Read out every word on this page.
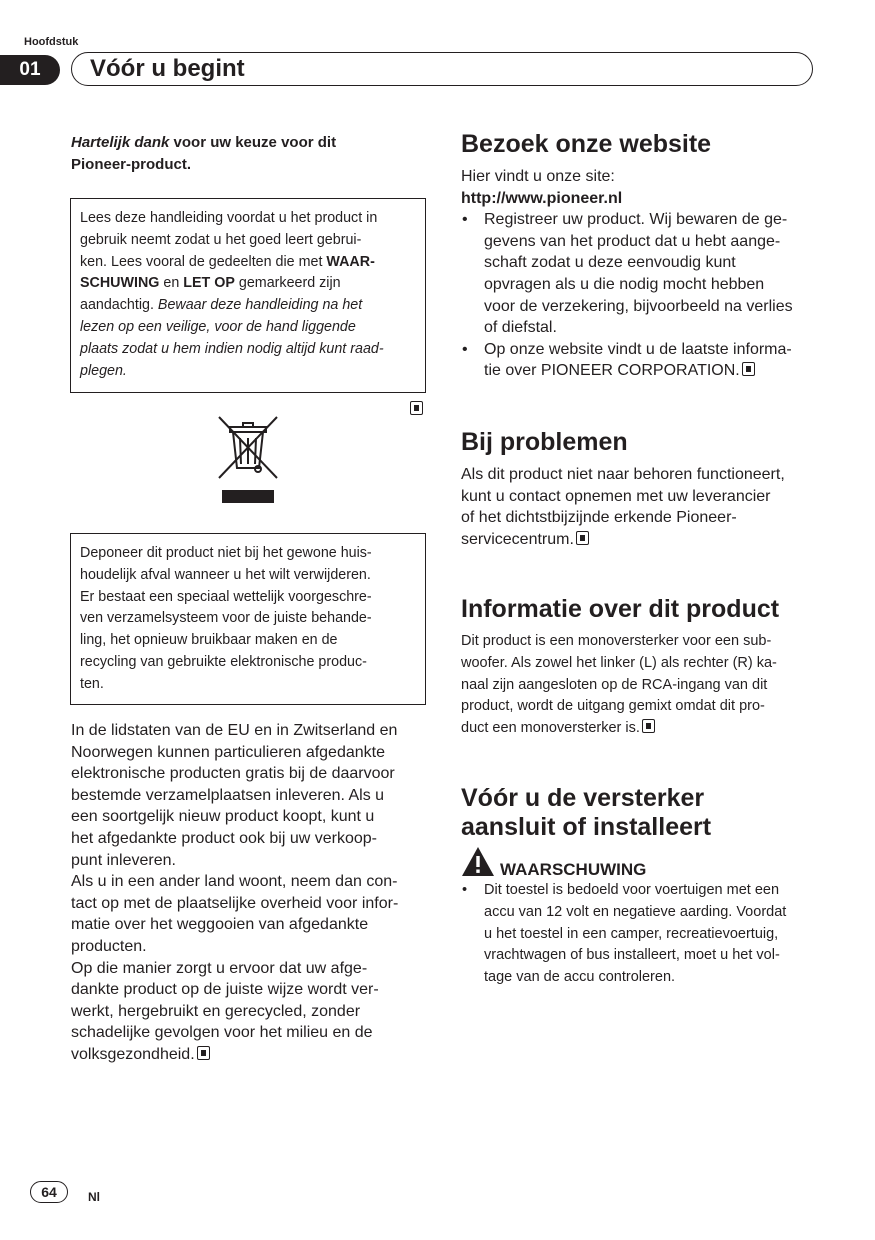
Hoofdstuk
01	Vóór u begint
Hartelijk dank voor uw keuze voor dit
Pioneer-product.
Lees deze handleiding voordat u het product in
gebruik neemt zodat u het goed leert gebrui-
ken. Lees vooral de gedeelten die met WAAR-
SCHUWING en LET OP gemarkeerd zijn
aandachtig. Bewaar deze handleiding na het
lezen op een veilige, voor de hand liggende
plaats zodat u hem indien nodig altijd kunt raad-
plegen.
Deponeer dit product niet bij het gewone huis-
houdelijk afval wanneer u het wilt verwijderen.
Er bestaat een speciaal wettelijk voorgeschre-
ven verzamelsysteem voor de juiste behande-
ling, het opnieuw bruikbaar maken en de
recycling van gebruikte elektronische produc-
ten.
In de lidstaten van de EU en in Zwitserland en
Noorwegen kunnen particulieren afgedankte
elektronische producten gratis bij de daarvoor
bestemde verzamelplaatsen inleveren. Als u
een soortgelijk nieuw product koopt, kunt u
het afgedankte product ook bij uw verkoop-
punt inleveren.
Als u in een ander land woont, neem dan con-
tact op met de plaatselijke overheid voor infor-
matie over het weggooien van afgedankte
producten.
Op die manier zorgt u ervoor dat uw afge-
dankte product op de juiste wijze wordt ver-
werkt, hergebruikt en gerecycled, zonder
schadelijke gevolgen voor het milieu en de
volksgezondheid.
Bezoek onze website
Hier vindt u onze site:
http://www.pioneer.nl
• Registreer uw product. Wij bewaren de ge-
gevens van het product dat u hebt aange-
schaft zodat u deze eenvoudig kunt
opvragen als u die nodig mocht hebben
voor de verzekering, bijvoorbeeld na verlies
of diefstal.
• Op onze website vindt u de laatste informa-
tie over PIONEER CORPORATION.
Bij problemen
Als dit product niet naar behoren functioneert,
kunt u contact opnemen met uw leverancier
of het dichtstbijzijnde erkende Pioneer-
servicecentrum.
Informatie over dit product
Dit product is een monoversterker voor een sub-
woofer. Als zowel het linker (L) als rechter (R) ka-
naal zijn aangesloten op de RCA-ingang van dit
product, wordt de uitgang gemixt omdat dit pro-
duct een monoversterker is.
Vóór u de versterker
aansluit of installeert
WAARSCHUWING
• Dit toestel is bedoeld voor voertuigen met een
accu van 12 volt en negatieve aarding. Voordat
u het toestel in een camper, recreatievoertuig,
vrachtwagen of bus installeert, moet u het vol-
tage van de accu controleren.
64	Nl
